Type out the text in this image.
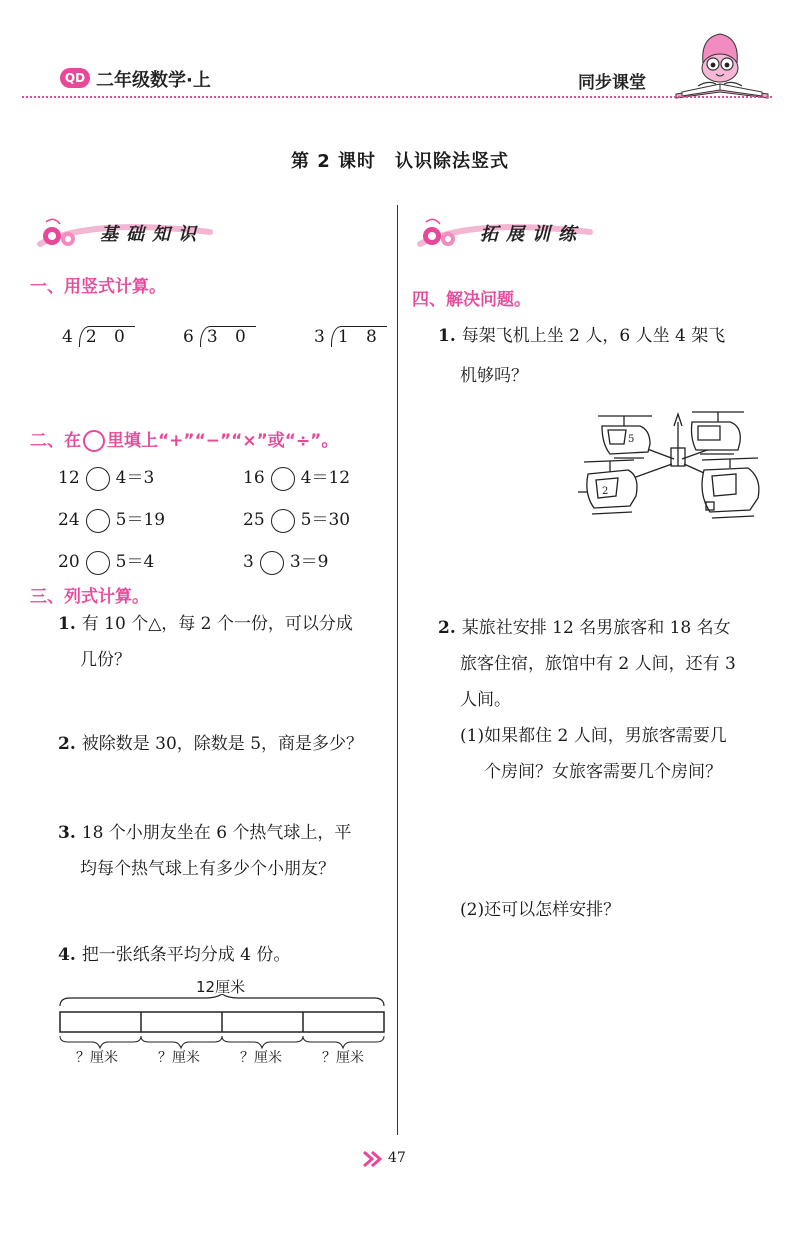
QD 二年级数学·上	同步课堂
第 2 课时　认识除法竖式
基础知识
一、用竖式计算。
4 2 0	6 3 0	3 1 8
二、在 里填上“+”“−”“×”或“÷”。
12 4＝3	16 4＝12
24 5＝19	25 5＝30
20 5＝4	3 3＝9
三、列式计算。
1. 有 10 个△，每 2 个一份，可以分成
几份？
2. 被除数是 30，除数是 5，商是多少？
3. 18 个小朋友坐在 6 个热气球上，平
均每个热气球上有多少个小朋友？
4. 把一张纸条平均分成 4 份。
12厘米
？厘米	？厘米	？厘米	？厘米
拓展训练
四、解决问题。
1. 每架飞机上坐 2 人，6 人坐 4 架飞
机够吗？
5
2
2. 某旅社安排 12 名男旅客和 18 名女
旅客住宿，旅馆中有 2 人间，还有 3
人间。
(1)如果都住 2 人间，男旅客需要几
个房间？女旅客需要几个房间？
(2)还可以怎样安排？
47
